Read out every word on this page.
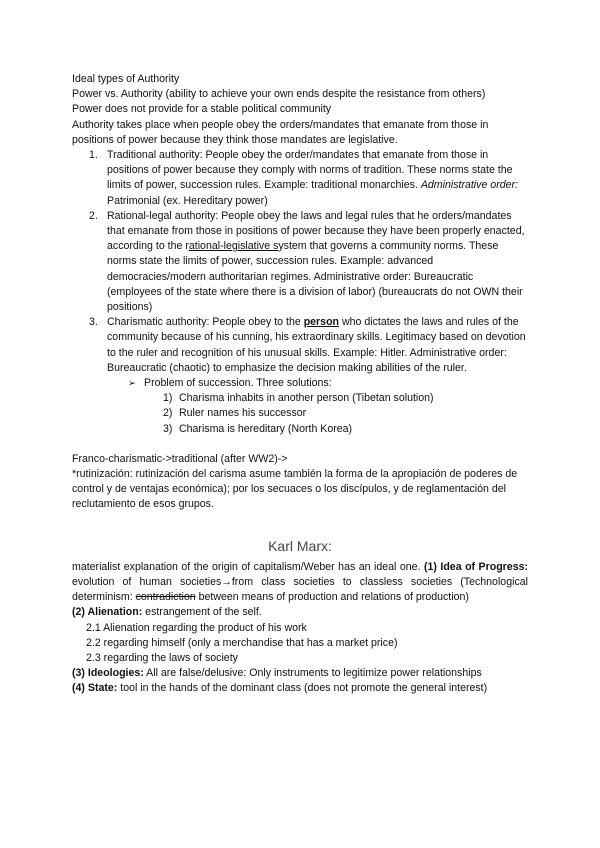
Ideal types of Authority

Power vs. Authority (ability to achieve your own ends despite the resistance from others)

Power does not provide for a stable political community

Authority takes place when people obey the orders/mandates that emanate from those in positions of power because they think those mandates are legislative.

1. Traditional authority: People obey the order/mandates that emanate from those in positions of power because they comply with norms of tradition. These norms state the limits of power, succession rules. Example: traditional monarchies. Administrative order: Patrimonial (ex. Hereditary power)
2. Rational-legal authority: People obey the laws and legal rules that he orders/mandates that emanate from those in positions of power because they have been properly enacted, according to the rational-legislative system that governs a community norms. These norms state the limits of power, succession rules. Example: advanced democracies/modern authoritarian regimes. Administrative order: Bureaucratic (employees of the state where there is a division of labor) (bureaucrats do not OWN their positions)
3. Charismatic authority: People obey to the person who dictates the laws and rules of the community because of his cunning, his extraordinary skills. Legitimacy based on devotion to the ruler and recognition of his unusual skills. Example: Hitler. Administrative order: Bureaucratic (chaotic) to emphasize the decision making abilities of the ruler.
➢ Problem of succession. Three solutions:
1) Charisma inhabits in another person (Tibetan solution)
2) Ruler names his successor
3) Charisma is hereditary (North Korea)

Franco-charismatic->traditional (after WW2)->

*rutinización: rutinización del carisma asume también la forma de la apropiación de poderes de control y de ventajas económica); por los secuaces o los discípulos, y de reglamentación del reclutamiento de esos grupos.

Karl Marx:

materialist explanation of the origin of capitalism/Weber has an ideal one. (1) Idea of Progress: evolution of human societies→from class societies to classless societies (Technological determinism: contradiction between means of production and relations of production)

(2) Alienation: estrangement of the self.

2.1 Alienation regarding the product of his work

2.2 regarding himself (only a merchandise that has a market price)

2.3 regarding the laws of society

(3) Ideologies: All are false/delusive: Only instruments to legitimize power relationships

(4) State: tool in the hands of the dominant class (does not promote the general interest)
